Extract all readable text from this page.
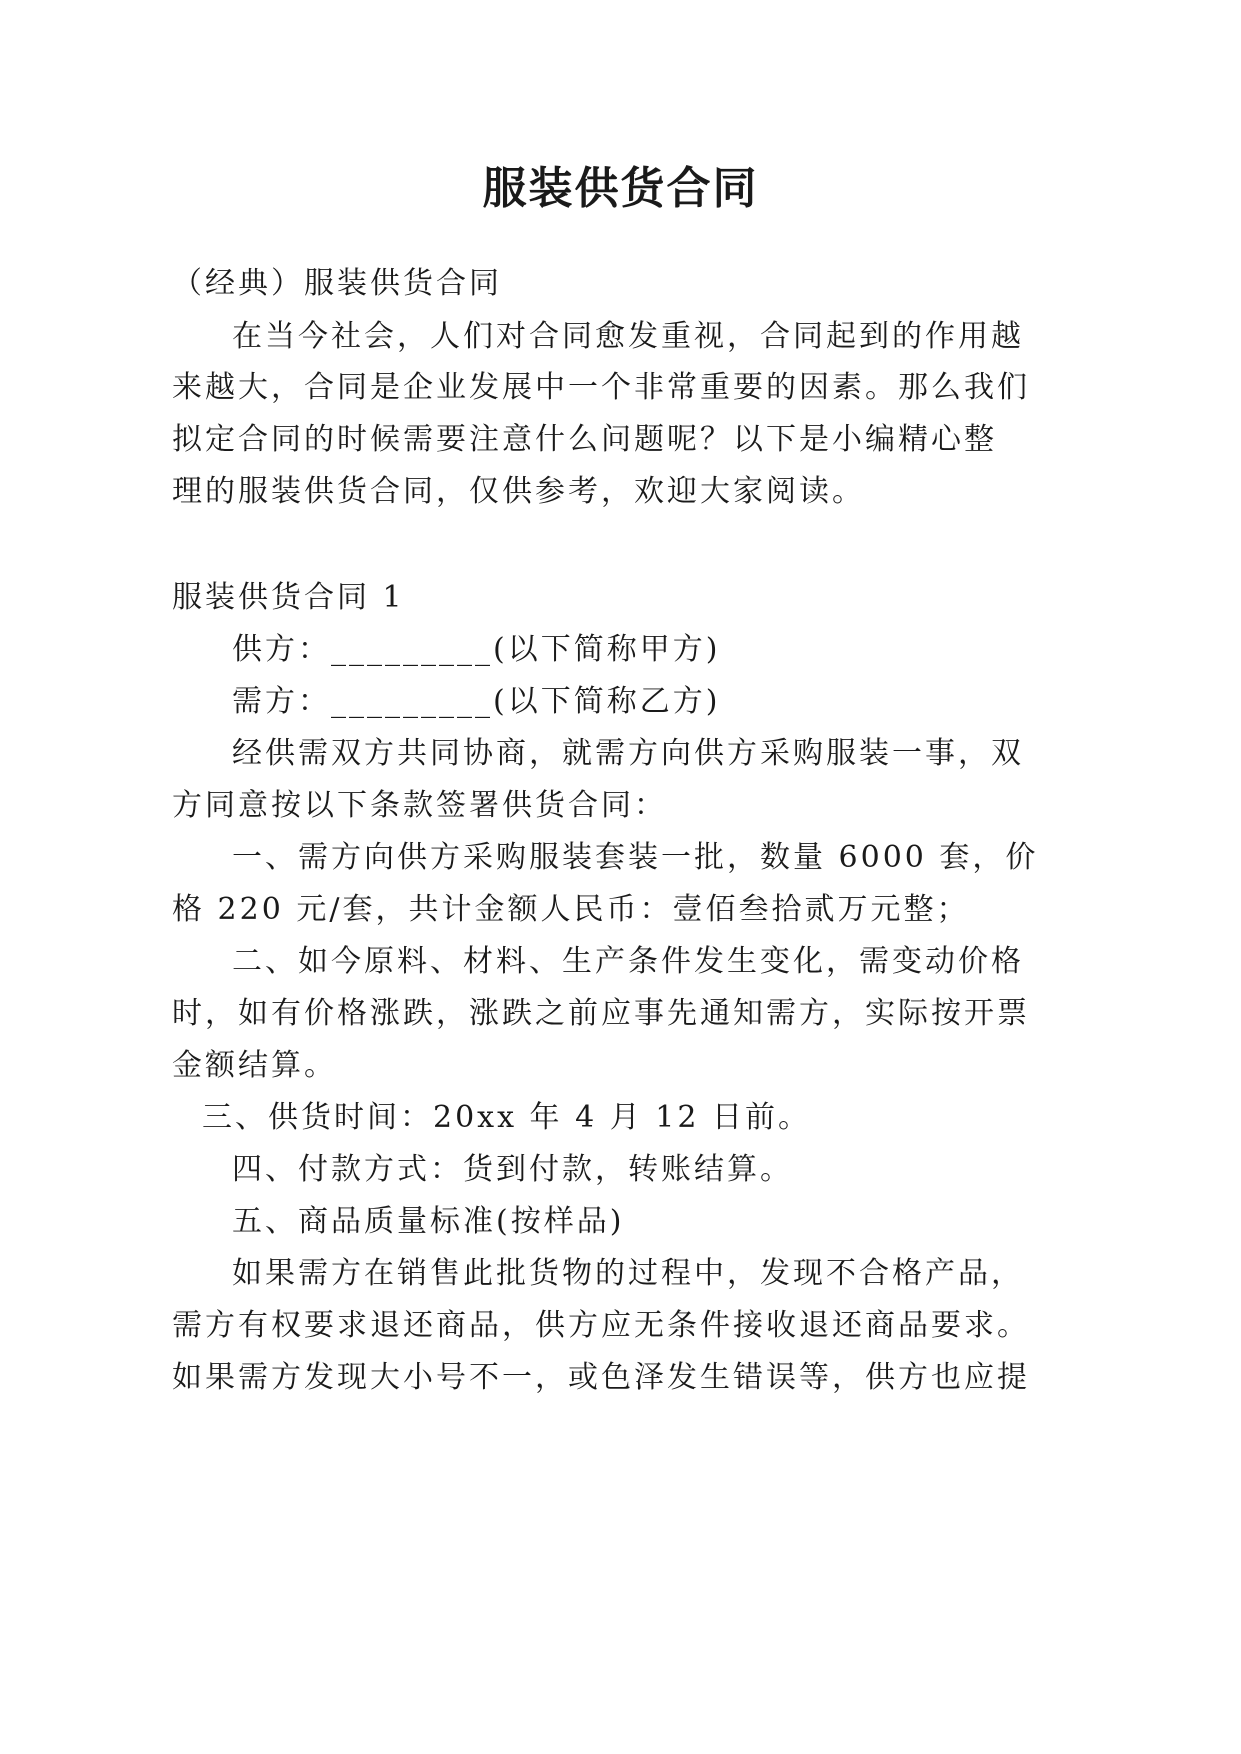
服装供货合同
（经典）服装供货合同
在当今社会，人们对合同愈发重视，合同起到的作用越
来越大，合同是企业发展中一个非常重要的因素。那么我们
拟定合同的时候需要注意什么问题呢？以下是小编精心整
理的服装供货合同，仅供参考，欢迎大家阅读。
服装供货合同 1
供方：_________(以下简称甲方)
需方：_________(以下简称乙方)
经供需双方共同协商，就需方向供方采购服装一事，双
方同意按以下条款签署供货合同：
一、需方向供方采购服装套装一批，数量 6000 套，价
格 220 元/套，共计金额人民币：壹佰叁拾贰万元整；
二、如今原料、材料、生产条件发生变化，需变动价格
时，如有价格涨跌，涨跌之前应事先通知需方，实际按开票
金额结算。
三、供货时间：20xx 年 4 月 12 日前。
四、付款方式：货到付款，转账结算。
五、商品质量标准(按样品)
如果需方在销售此批货物的过程中，发现不合格产品，
需方有权要求退还商品，供方应无条件接收退还商品要求。
如果需方发现大小号不一，或色泽发生错误等，供方也应提
